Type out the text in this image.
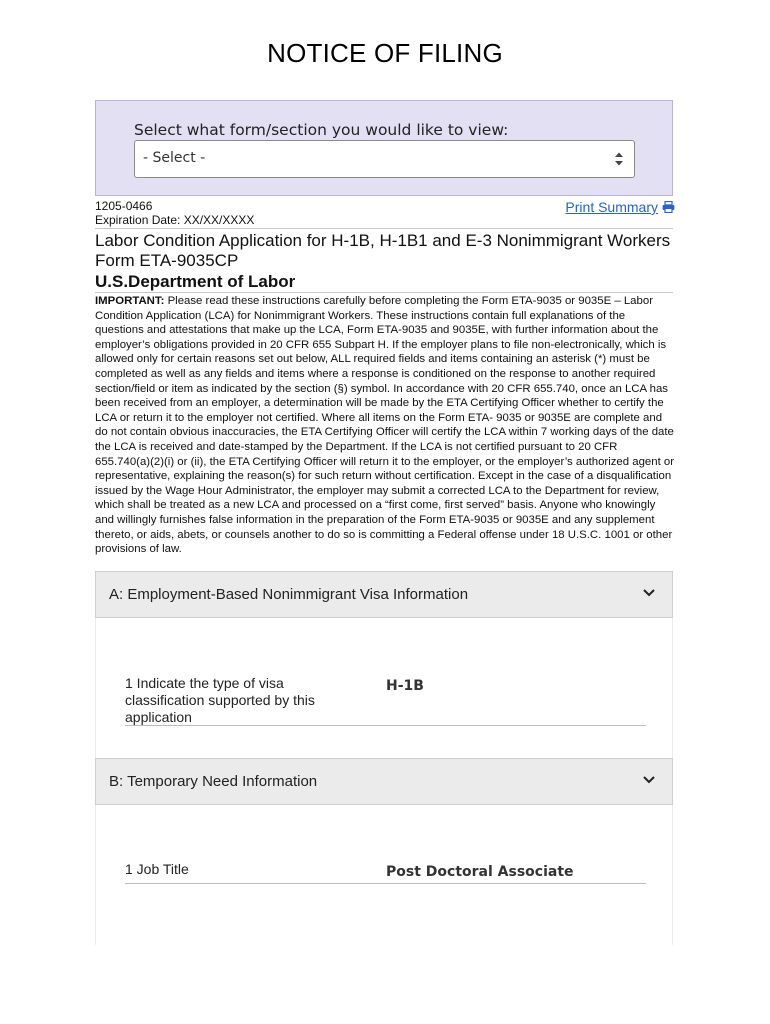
NOTICE OF FILING
Select what form/section you would like to view:
- Select -
1205-0466
Expiration Date: XX/XX/XXXX
Print Summary
Labor Condition Application for H-1B, H-1B1 and E-3 Nonimmigrant Workers
Form ETA-9035CP
U.S.Department of Labor
IMPORTANT: Please read these instructions carefully before completing the Form ETA-9035 or 9035E – Labor Condition Application (LCA) for Nonimmigrant Workers. These instructions contain full explanations of the questions and attestations that make up the LCA, Form ETA-9035 and 9035E, with further information about the employer’s obligations provided in 20 CFR 655 Subpart H. If the employer plans to file non-electronically, which is allowed only for certain reasons set out below, ALL required fields and items containing an asterisk (*) must be completed as well as any fields and items where a response is conditioned on the response to another required section/field or item as indicated by the section (§) symbol. In accordance with 20 CFR 655.740, once an LCA has been received from an employer, a determination will be made by the ETA Certifying Officer whether to certify the LCA or return it to the employer not certified. Where all items on the Form ETA- 9035 or 9035E are complete and do not contain obvious inaccuracies, the ETA Certifying Officer will certify the LCA within 7 working days of the date the LCA is received and date-stamped by the Department. If the LCA is not certified pursuant to 20 CFR 655.740(a)(2)(i) or (ii), the ETA Certifying Officer will return it to the employer, or the employer’s authorized agent or representative, explaining the reason(s) for such return without certification. Except in the case of a disqualification issued by the Wage Hour Administrator, the employer may submit a corrected LCA to the Department for review, which shall be treated as a new LCA and processed on a “first come, first served” basis. Anyone who knowingly and willingly furnishes false information in the preparation of the Form ETA-9035 or 9035E and any supplement thereto, or aids, abets, or counsels another to do so is committing a Federal offense under 18 U.S.C. 1001 or other provisions of law.
A: Employment-Based Nonimmigrant Visa Information
1 Indicate the type of visa classification supported by this application
H-1B
B: Temporary Need Information
1 Job Title	Post Doctoral Associate
